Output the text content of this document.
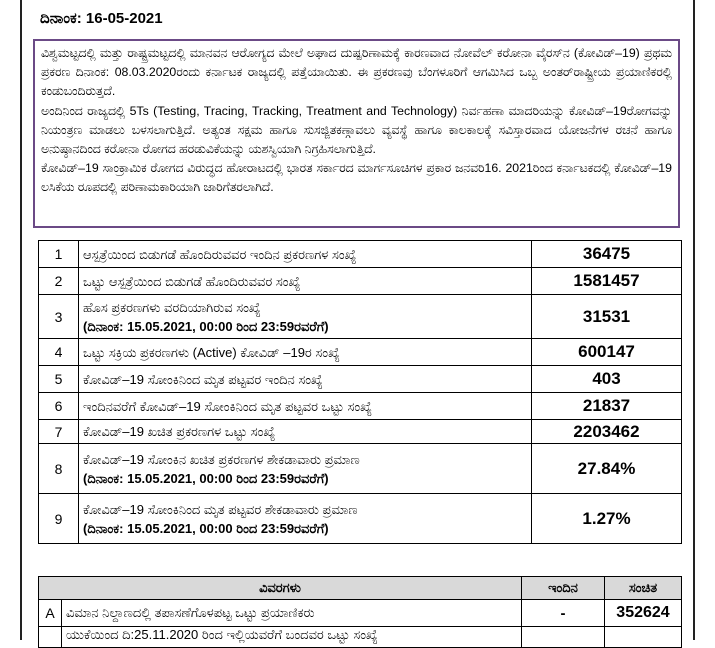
ದಿನಾಂಕ: 16-05-2021

ವಿಶ್ವಮಟ್ಟದಲ್ಲಿ ಮತ್ತು ರಾಷ್ಟ್ರಮಟ್ಟದಲ್ಲಿ ಮಾನವನ ಆರೋಗ್ಯದ ಮೇಲೆ ಅಘಾದ ದುಷ್ಪರಿಣಾಮಕ್ಕೆ ಕಾರಣವಾದ ನೋವೆಲ್ ಕರೋನಾ ವೈರಸ್‌ನ (ಕೋವಿಡ್–19) ಪ್ರಥಮ ಪ್ರಕರಣ ದಿನಾಂಕ: 08.03.2020ರಂದು ಕರ್ನಾಟಕ ರಾಜ್ಯದಲ್ಲಿ ಪತ್ತೆಯಾಯಿತು. ಈ ಪ್ರಕರಣವು ಬೆಂಗಳೂರಿಗೆ ಆಗಮಿಸಿದ ಒಬ್ಬ ಅಂತರ್‌ರಾಷ್ಟ್ರೀಯ ಪ್ರಯಾಣಿಕರಲ್ಲಿ ಕಂಡುಬಂದಿರುತ್ತದೆ.

ಅಂದಿನಿಂದ ರಾಜ್ಯದಲ್ಲಿ 5Ts (Testing, Tracing, Tracking, Treatment and Technology) ನಿರ್ವಹಣಾ ಮಾದರಿಯನ್ನು ಕೋವಿಡ್–19ರೋಗವನ್ನು ನಿಯಂತ್ರಣ ಮಾಡಲು ಬಳಸಲಾಗುತ್ತಿದೆ. ಅತ್ಯಂತ ಸಕ್ಷಮ ಹಾಗೂ ಸುಸಜ್ಜಿತಕಣ್ಗಾವಲು ವ್ಯವಸ್ಥೆ ಹಾಗೂ ಕಾಲಕಾಲಕ್ಕೆ ಸವಿಸ್ತಾರವಾದ ಯೋಜನೆಗಳ ರಚನೆ ಹಾಗೂ ಅನುಷ್ಠಾನದಿಂದ ಕರೋನಾ ರೋಗದ ಹರಡುವಿಕೆಯನ್ನು ಯಶಸ್ವಿಯಾಗಿ ನಿಗ್ರಹಿಸಲಾಗುತ್ತಿದೆ.

ಕೋವಿಡ್–19 ಸಾಂಕ್ರಾಮಿಕ ರೋಗದ ವಿರುದ್ಧದ ಹೋರಾಟದಲ್ಲಿ ಭಾರತ ಸರ್ಕಾರದ ಮಾರ್ಗಸೂಚಿಗಳ ಪ್ರಕಾರ ಜನವರಿ16. 2021ರಿಂದ ಕರ್ನಾಟಕದಲ್ಲಿ ಕೋವಿಡ್–19 ಲಸಿಕೆಯ ರೂಪದಲ್ಲಿ ಪರಿಣಾಮಕಾರಿಯಾಗಿ ಜಾರಿಗೆತರಲಾಗಿದೆ.

1	ಆಸ್ಪತ್ರೆಯಿಂದ ಬಿಡುಗಡೆ ಹೊಂದಿರುವವರ ಇಂದಿನ ಪ್ರಕರಣಗಳ ಸಂಖ್ಯೆ	36475
2	ಒಟ್ಟು ಆಸ್ಪತ್ರೆಯಿಂದ ಬಿಡುಗಡೆ ಹೊಂದಿರುವವರ ಸಂಖ್ಯೆ	1581457
3	ಹೊಸ ಪ್ರಕರಣಗಳು ವರದಿಯಾಗಿರುವ ಸಂಖ್ಯೆ
(ದಿನಾಂಕ: 15.05.2021, 00:00 ರಿಂದ 23:59ರವರೆಗೆ)	31531
4	ಒಟ್ಟು ಸಕ್ರಿಯ ಪ್ರಕರಣಗಳು (Active) ಕೋವಿಡ್ –19ರ ಸಂಖ್ಯೆ	600147
5	ಕೋವಿಡ್–19 ಸೋಂಕಿನಿಂದ ಮೃತ ಪಟ್ಟವರ ಇಂದಿನ ಸಂಖ್ಯೆ	403
6	ಇಂದಿನವರೆಗೆ ಕೋವಿಡ್–19 ಸೋಂಕಿನಿಂದ ಮೃತ ಪಟ್ಟವರ ಒಟ್ಟು ಸಂಖ್ಯೆ	21837
7	ಕೋವಿಡ್–19 ಖಚಿತ ಪ್ರಕರಣಗಳ ಒಟ್ಟು ಸಂಖ್ಯೆ	2203462
8	ಕೋವಿಡ್–19 ಸೋಂಕಿನ ಖಚಿತ ಪ್ರಕರಣಗಳ ಶೇಕಡಾವಾರು ಪ್ರಮಾಣ
(ದಿನಾಂಕ: 15.05.2021, 00:00 ರಿಂದ 23:59ರವರೆಗೆ)	27.84%
9	ಕೋವಿಡ್–19 ಸೋಂಕಿನಿಂದ ಮೃತ ಪಟ್ಟವರ ಶೇಕಡಾವಾರು ಪ್ರಮಾಣ
(ದಿನಾಂಕ: 15.05.2021, 00:00 ರಿಂದ 23:59ರವರೆಗೆ)	1.27%
ವಿವರಗಳು		ಇಂದಿನ	ಸಂಚಿತ
A	ವಿಮಾನ ನಿಲ್ದಾಣದಲ್ಲಿ ತಪಾಸಣೆಗೊಳಪಟ್ಟ ಒಟ್ಟು ಪ್ರಯಾಣಿಕರು	-	352624
	ಯುಕೆಯಿಂದ ದಿ:25.11.2020 ರಿಂದ ಇಲ್ಲಿಯವರೆಗೆ ಬಂದವರ ಒಟ್ಟು ಸಂಖ್ಯೆ		
